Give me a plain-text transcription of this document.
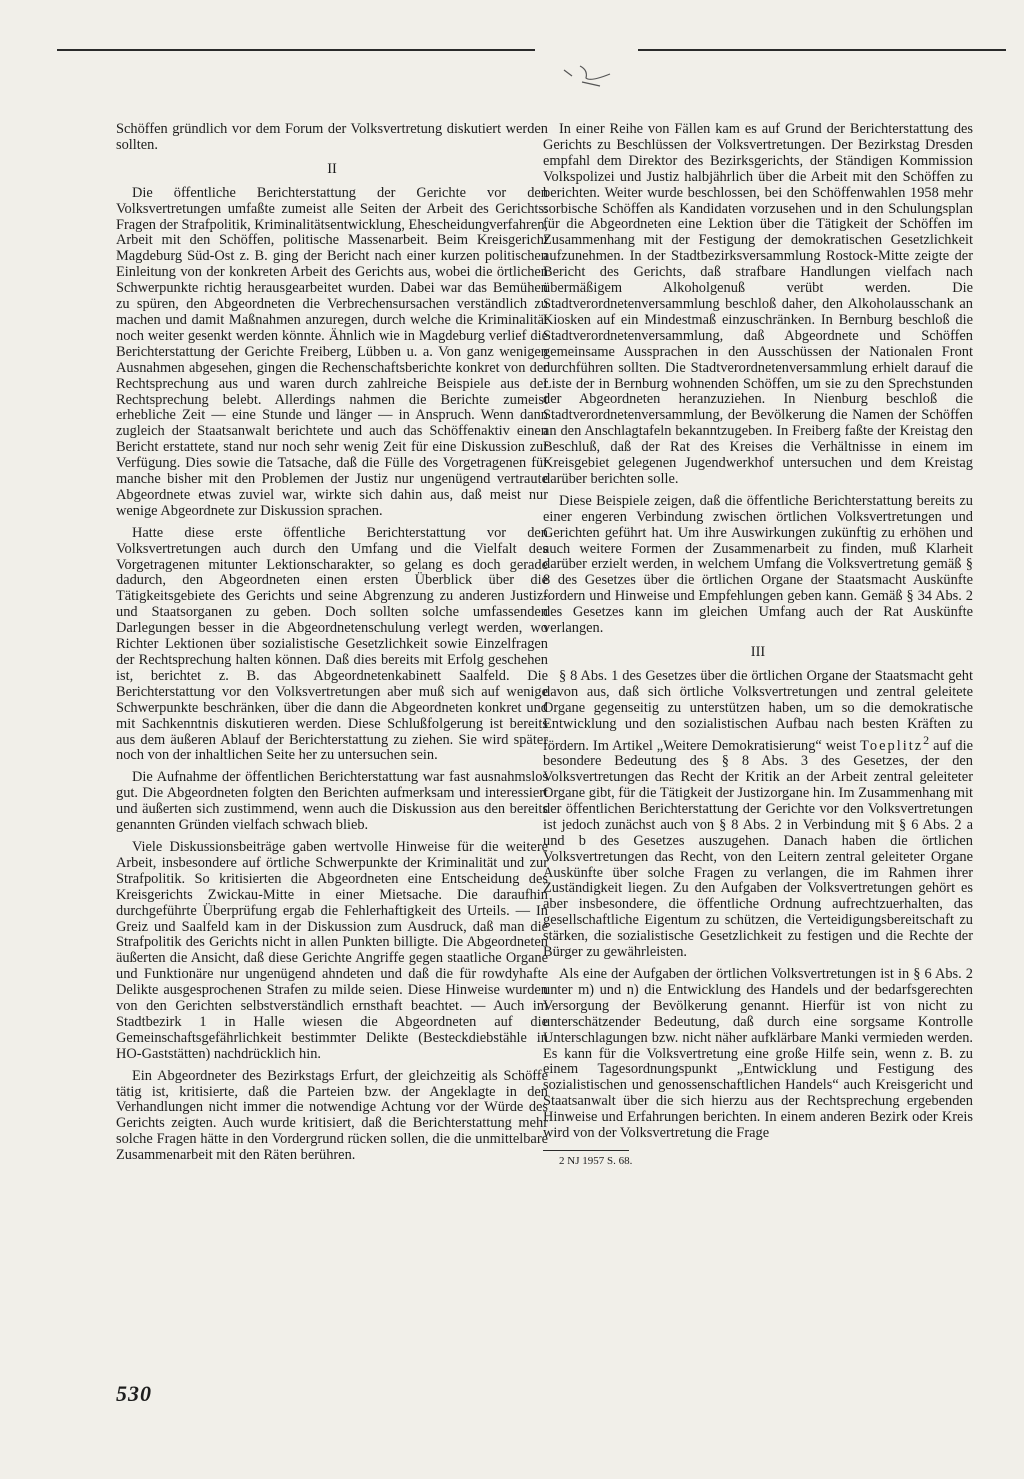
Schöffen gründlich vor dem Forum der Volksvertretung diskutiert werden sollten.

II

Die öffentliche Berichterstattung der Gerichte vor den Volksvertretungen umfaßte zumeist alle Seiten der Arbeit des Gerichts: Fragen der Strafpolitik, Kriminalitätsentwicklung, Ehescheidungverfahren, Arbeit mit den Schöffen, politische Massenarbeit. Beim Kreisgericht Magdeburg Süd-Ost z. B. ging der Bericht nach einer kurzen politischen Einleitung von der konkreten Arbeit des Gerichts aus, wobei die örtlichen Schwerpunkte richtig herausgearbeitet wurden. Dabei war das Bemühen zu spüren, den Abgeordneten die Verbrechensursachen verständlich zu machen und damit Maßnahmen anzuregen, durch welche die Kriminalität noch weiter gesenkt werden könnte. Ähnlich wie in Magdeburg verlief die Berichterstattung der Gerichte Freiberg, Lübben u. a. Von ganz wenigen Ausnahmen abgesehen, gingen die Rechenschaftsberichte konkret von der Rechtsprechung aus und waren durch zahlreiche Beispiele aus der Rechtsprechung belebt. Allerdings nahmen die Berichte zumeist erhebliche Zeit — eine Stunde und länger — in Anspruch. Wenn dann zugleich der Staatsanwalt berichtete und auch das Schöffenaktiv einen Bericht erstattete, stand nur noch sehr wenig Zeit für eine Diskussion zur Verfügung. Dies sowie die Tatsache, daß die Fülle des Vorgetragenen für manche bisher mit den Problemen der Justiz nur ungenügend vertraute Abgeordnete etwas zuviel war, wirkte sich dahin aus, daß meist nur wenige Abgeordnete zur Diskussion sprachen.

Hatte diese erste öffentliche Berichterstattung vor den Volksvertretungen auch durch den Umfang und die Vielfalt des Vorgetragenen mitunter Lektionscharakter, so gelang es doch gerade dadurch, den Abgeordneten einen ersten Überblick über die Tätigkeitsgebiete des Gerichts und seine Abgrenzung zu anderen Justiz- und Staatsorganen zu geben. Doch sollten solche umfassenden Darlegungen besser in die Abgeordnetenschulung verlegt werden, wo Richter Lektionen über sozialistische Gesetzlichkeit sowie Einzelfragen der Rechtsprechung halten können. Daß dies bereits mit Erfolg geschehen ist, berichtet z. B. das Abgeordnetenkabinett Saalfeld. Die Berichterstattung vor den Volksvertretungen aber muß sich auf wenige Schwerpunkte beschränken, über die dann die Abgeordneten konkret und mit Sachkenntnis diskutieren werden. Diese Schlußfolgerung ist bereits aus dem äußeren Ablauf der Berichterstattung zu ziehen. Sie wird später noch von der inhaltlichen Seite her zu untersuchen sein.

Die Aufnahme der öffentlichen Berichterstattung war fast ausnahmslos gut. Die Abgeordneten folgten den Berichten aufmerksam und interessiert und äußerten sich zustimmend, wenn auch die Diskussion aus den bereits genannten Gründen vielfach schwach blieb.

Viele Diskussionsbeiträge gaben wertvolle Hinweise für die weitere Arbeit, insbesondere auf örtliche Schwerpunkte der Kriminalität und zur Strafpolitik. So kritisierten die Abgeordneten eine Entscheidung des Kreisgerichts Zwickau-Mitte in einer Mietsache. Die daraufhin durchgeführte Überprüfung ergab die Fehlerhaftigkeit des Urteils. — In Greiz und Saalfeld kam in der Diskussion zum Ausdruck, daß man die Strafpolitik des Gerichts nicht in allen Punkten billigte. Die Abgeordneten äußerten die Ansicht, daß diese Gerichte Angriffe gegen staatliche Organe und Funktionäre nur ungenügend ahndeten und daß die für rowdyhafte Delikte ausgesprochenen Strafen zu milde seien. Diese Hinweise wurden von den Gerichten selbstverständlich ernsthaft beachtet. — Auch im Stadtbezirk 1 in Halle wiesen die Abgeordneten auf die Gemeinschaftsgefährlichkeit bestimmter Delikte (Besteckdiebstähle in HO-Gaststätten) nachdrücklich hin.

Ein Abgeordneter des Bezirkstags Erfurt, der gleichzeitig als Schöffe tätig ist, kritisierte, daß die Parteien bzw. der Angeklagte in den Verhandlungen nicht immer die notwendige Achtung vor der Würde des Gerichts zeigten. Auch wurde kritisiert, daß die Berichterstattung mehr solche Fragen hätte in den Vordergrund rücken sollen, die die unmittelbare Zusammenarbeit mit den Räten berühren.

In einer Reihe von Fällen kam es auf Grund der Berichterstattung des Gerichts zu Beschlüssen der Volksvertretungen. Der Bezirkstag Dresden empfahl dem Direktor des Bezirksgerichts, der Ständigen Kommission Volkspolizei und Justiz halbjährlich über die Arbeit mit den Schöffen zu berichten. Weiter wurde beschlossen, bei den Schöffenwahlen 1958 mehr sorbische Schöffen als Kandidaten vorzusehen und in den Schulungsplan für die Abgeordneten eine Lektion über die Tätigkeit der Schöffen im Zusammenhang mit der Festigung der demokratischen Gesetzlichkeit aufzunehmen. In der Stadtbezirksversammlung Rostock-Mitte zeigte der Bericht des Gerichts, daß strafbare Handlungen vielfach nach übermäßigem Alkoholgenuß verübt werden. Die Stadtverordnetenversammlung beschloß daher, den Alkoholausschank an Kiosken auf ein Mindestmaß einzuschränken. In Bernburg beschloß die Stadtverordnetenversammlung, daß Abgeordnete und Schöffen gemeinsame Aussprachen in den Ausschüssen der Nationalen Front durchführen sollten. Die Stadtverordnetenversammlung erhielt darauf die Liste der in Bernburg wohnenden Schöffen, um sie zu den Sprechstunden der Abgeordneten heranzuziehen. In Nienburg beschloß die Stadtverordnetenversammlung, der Bevölkerung die Namen der Schöffen an den Anschlagtafeln bekanntzugeben. In Freiberg faßte der Kreistag den Beschluß, daß der Rat des Kreises die Verhältnisse in einem im Kreisgebiet gelegenen Jugendwerkhof untersuchen und dem Kreistag darüber berichten solle.

Diese Beispiele zeigen, daß die öffentliche Berichterstattung bereits zu einer engeren Verbindung zwischen örtlichen Volksvertretungen und Gerichten geführt hat. Um ihre Auswirkungen zukünftig zu erhöhen und auch weitere Formen der Zusammenarbeit zu finden, muß Klarheit darüber erzielt werden, in welchem Umfang die Volksvertretung gemäß § 8 des Gesetzes über die örtlichen Organe der Staatsmacht Auskünfte fordern und Hinweise und Empfehlungen geben kann. Gemäß § 34 Abs. 2 des Gesetzes kann im gleichen Umfang auch der Rat Auskünfte verlangen.

III

§ 8 Abs. 1 des Gesetzes über die örtlichen Organe der Staatsmacht geht davon aus, daß sich örtliche Volksvertretungen und zentral geleitete Organe gegenseitig zu unterstützen haben, um so die demokratische Entwicklung und den sozialistischen Aufbau nach besten Kräften zu fördern. Im Artikel „Weitere Demokratisierung“ weist Toeplitz$^2$ auf die besondere Bedeutung des § 8 Abs. 3 des Gesetzes, der den Volksvertretungen das Recht der Kritik an der Arbeit zentral geleiteter Organe gibt, für die Tätigkeit der Justizorgane hin. Im Zusammenhang mit der öffentlichen Berichterstattung der Gerichte vor den Volksvertretungen ist jedoch zunächst auch von § 8 Abs. 2 in Verbindung mit § 6 Abs. 2 a und b des Gesetzes auszugehen. Danach haben die örtlichen Volksvertretungen das Recht, von den Leitern zentral geleiteter Organe Auskünfte über solche Fragen zu verlangen, die im Rahmen ihrer Zuständigkeit liegen. Zu den Aufgaben der Volksvertretungen gehört es aber insbesondere, die öffentliche Ordnung aufrechtzuerhalten, das gesellschaftliche Eigentum zu schützen, die Verteidigungsbereitschaft zu stärken, die sozialistische Gesetzlichkeit zu festigen und die Rechte der Bürger zu gewährleisten.

Als eine der Aufgaben der örtlichen Volksvertretungen ist in § 6 Abs. 2 unter m) und n) die Entwicklung des Handels und der bedarfsgerechten Versorgung der Bevölkerung genannt. Hierfür ist von nicht zu unterschätzender Bedeutung, daß durch eine sorgsame Kontrolle Unterschlagungen bzw. nicht näher aufklärbare Manki vermieden werden. Es kann für die Volksvertretung eine große Hilfe sein, wenn z. B. zu einem Tagesordnungspunkt „Entwicklung und Festigung des sozialistischen und genossenschaftlichen Handels“ auch Kreisgericht und Staatsanwalt über die sich hierzu aus der Rechtsprechung ergebenden Hinweise und Erfahrungen berichten. In einem anderen Bezirk oder Kreis wird von der Volksvertretung die Frage

2 NJ 1957 S. 68.

530
